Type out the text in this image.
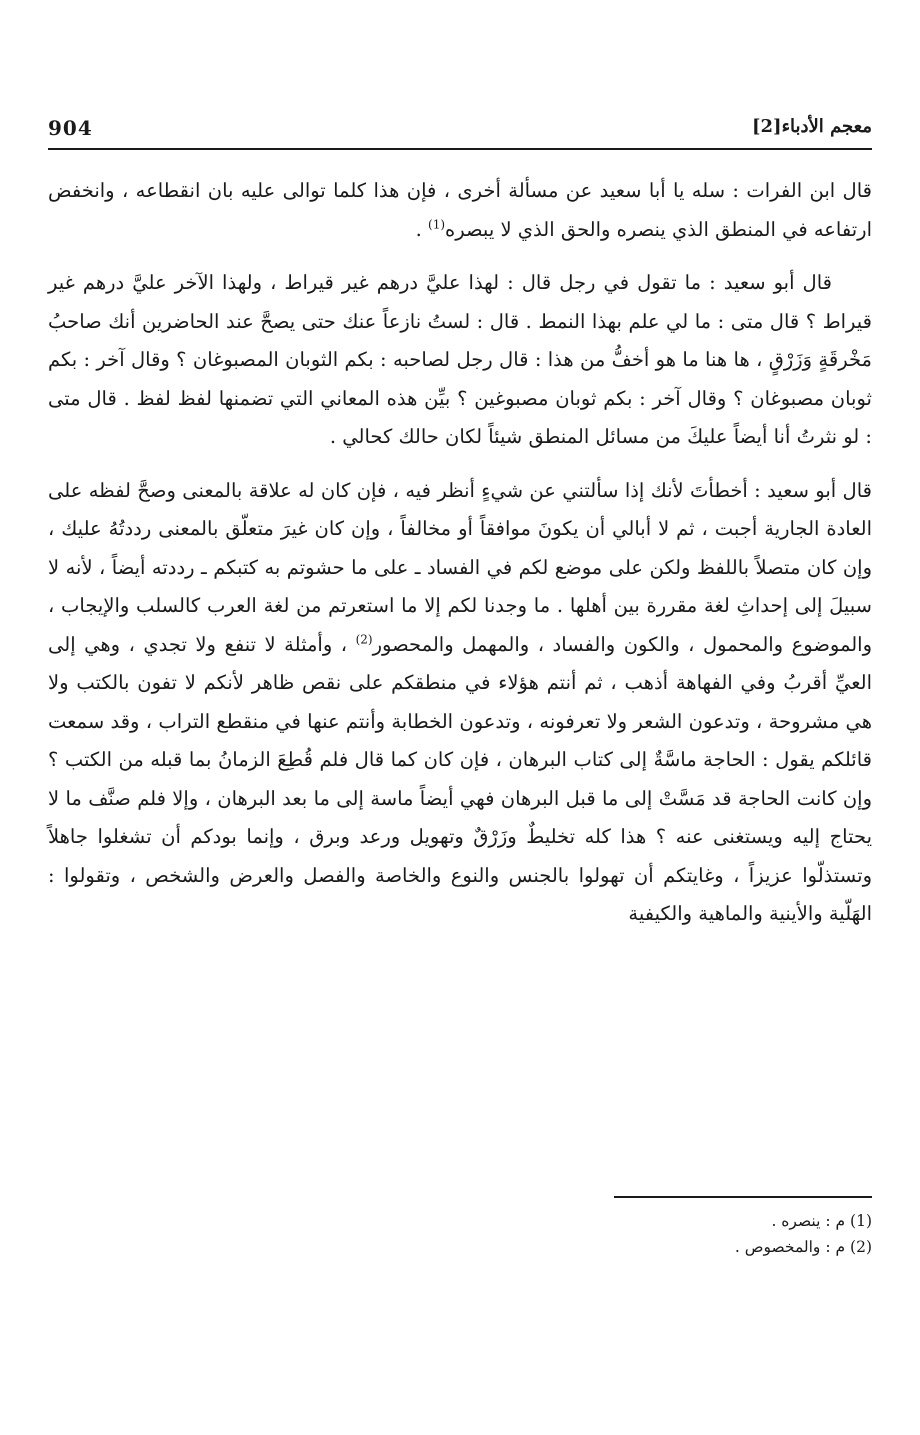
معجم الأدباء[2]
904

قال ابن الفرات : سله يا أبا سعيد عن مسألة أخرى ، فإن هذا كلما توالى عليه بان انقطاعه ، وانخفض ارتفاعه في المنطق الذي ينصره والحق الذي لا يبصره$^{(1)}$ .

قال أبو سعيد : ما تقول في رجل قال : لهذا عليَّ درهم غير قيراط ، ولهذا الآخر عليَّ درهم غير قيراط ؟ قال متى : ما لي علم بهذا النمط . قال : لستُ نازعاً عنك حتى يصحَّ عند الحاضرين أنك صاحبُ مَخْرقَةٍ وَزَرْقٍ ، ها هنا ما هو أخفُّ من هذا : قال رجل لصاحبه : بكم الثوبان المصبوغان ؟ وقال آخر : بكم ثوبان مصبوغان ؟ وقال آخر : بكم ثوبان مصبوغين ؟ بيِّن هذه المعاني التي تضمنها لفظ لفظ . قال متى : لو نثرتُ أنا أيضاً عليكَ من مسائل المنطق شيئاً لكان حالك كحالي .

قال أبو سعيد : أخطأتَ لأنك إذا سألتني عن شيءٍ أنظر فيه ، فإن كان له علاقة بالمعنى وصحَّ لفظه على العادة الجارية أجبت ، ثم لا أبالي أن يكونَ موافقاً أو مخالفاً ، وإن كان غيرَ متعلّق بالمعنى رددتُهُ عليك ، وإن كان متصلاً باللفظ ولكن على موضع لكم في الفساد ـ على ما حشوتم به كتبكم ـ رددته أيضاً ، لأنه لا سبيلَ إلى إحداثِ لغة مقررة بين أهلها . ما وجدنا لكم إلا ما استعرتم من لغة العرب كالسلب والإيجاب ، والموضوع والمحمول ، والكون والفساد ، والمهمل والمحصور$^{(2)}$ ، وأمثلة لا تنفع ولا تجدي ، وهي إلى العيِّ أقربُ وفي الفهاهة أذهب ، ثم أنتم هؤلاء في منطقكم على نقص ظاهر لأنكم لا تفون بالكتب ولا هي مشروحة ، وتدعون الشعر ولا تعرفونه ، وتدعون الخطابة وأنتم عنها في منقطع التراب ، وقد سمعت قائلكم يقول : الحاجة ماسَّةٌ إلى كتاب البرهان ، فإن كان كما قال فلم قُطِعَ الزمانُ بما قبله من الكتب ؟ وإن كانت الحاجة قد مَسَّتْ إلى ما قبل البرهان فهي أيضاً ماسة إلى ما بعد البرهان ، وإلا فلم صنَّف ما لا يحتاج إليه ويستغنى عنه ؟ هذا كله تخليطٌ وزَرْقٌ وتهويل ورعد وبرق ، وإنما بودكم أن تشغلوا جاهلاً وتستذلّوا عزيزاً ، وغايتكم أن تهولوا بالجنس والنوع والخاصة والفصل والعرض والشخص ، وتقولوا : الهَلّية والأينية والماهية والكيفية

(1) م : ينصره .
(2) م : والمخصوص .
